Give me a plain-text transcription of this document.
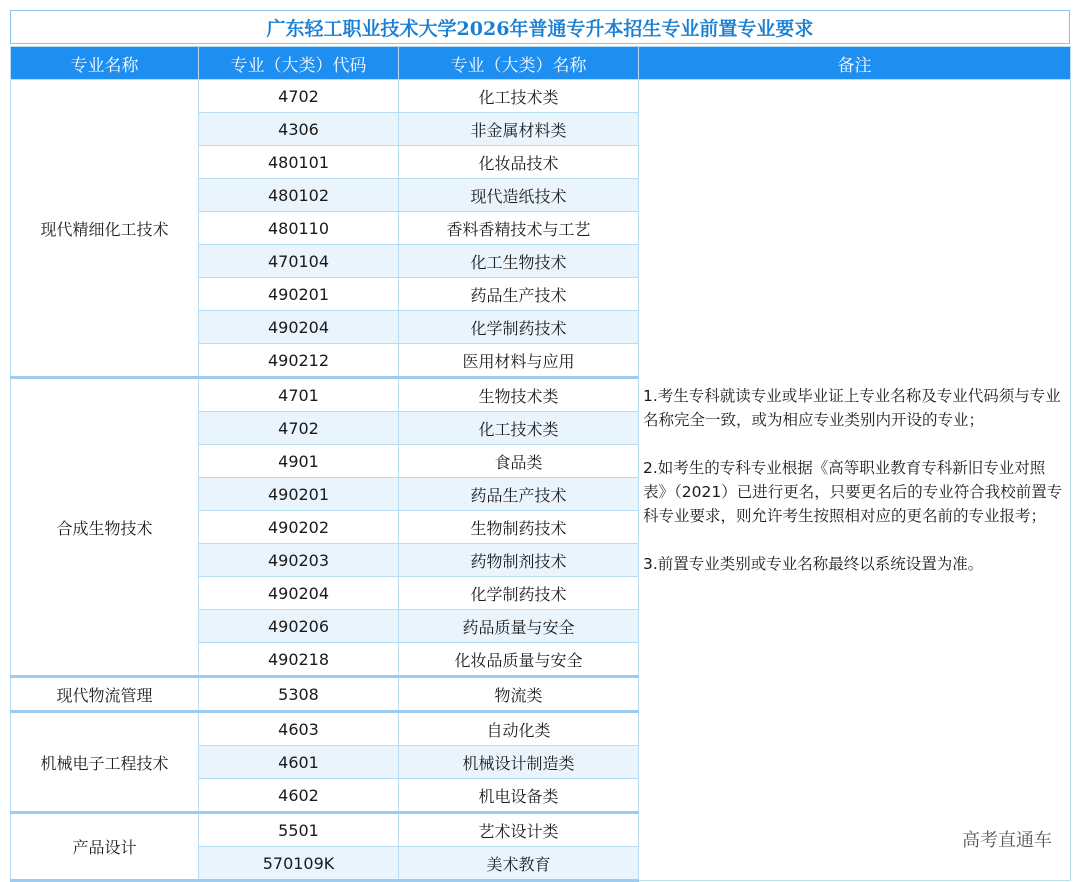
广东轻工职业技术大学2026年普通专升本招生专业前置专业要求
专业名称	专业（大类）代码	专业（大类）名称	备注
现代精细化工技术	4702	化工技术类	1.考生专科就读专业或毕业证上专业名称及专业代码须与专业名称完全一致，或为相应专业类别内开设的专业；

2.如考生的专科专业根据《高等职业教育专科新旧专业对照表》（2021）已进行更名，只要更名后的专业符合我校前置专科专业要求，则允许考生按照相对应的更名前的专业报考；

3.前置专业类别或专业名称最终以系统设置为准。

	4306	非金属材料类	
	480101	化妆品技术	
	480102	现代造纸技术	
	480110	香料香精技术与工艺	
	470104	化工生物技术	
	490201	药品生产技术	
	490204	化学制药技术	
	490212	医用材料与应用	
合成生物技术	4701	生物技术类	
	4702	化工技术类	
	4901	食品类	
	490201	药品生产技术	
	490202	生物制药技术	
	490203	药物制剂技术	
	490204	化学制药技术	
	490206	药品质量与安全	
	490218	化妆品质量与安全	
现代物流管理	5308	物流类	
机械电子工程技术	4603	自动化类	
	4601	机械设计制造类	
	4602	机电设备类	
产品设计	5501	艺术设计类	
	570109K	美术教育	
高考直通车
